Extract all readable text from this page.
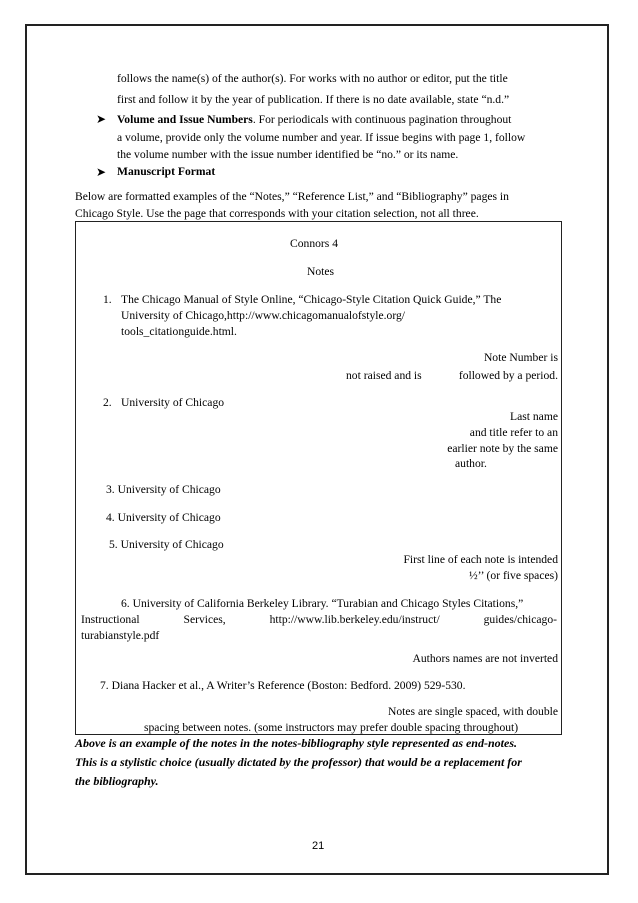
follows the name(s) of the author(s). For works with no author or editor, put the title
first and follow it by the year of publication. If there is no date available, state “n.d.”
➤ Volume and Issue Numbers. For periodicals with continuous pagination throughout
a volume, provide only the volume number and year. If issue begins with page 1, follow
the volume number with the issue number identified be “no.” or its name.
➤ Manuscript Format
Below are formatted examples of the “Notes,” “Reference List,” and “Bibliography” pages in
Chicago Style. Use the page that corresponds with your citation selection, not all three.
Connors 4
Notes
1. The Chicago Manual of Style Online, “Chicago-Style Citation Quick Guide,” The
University of Chicago,http://www.chicagomanualofstyle.org/
tools_citationguide.html.
Note Number is
not raised and is	followed by a period.
2. University of Chicago
Last name
and title refer to an
earlier note by the same
author.
3. University of Chicago
4. University of Chicago
5. University of Chicago
First line of each note is intended
½’’ (or five spaces)
6. University of California Berkeley Library. “Turabian and Chicago Styles Citations,”
Instructional	Services,	http://www.lib.berkeley.edu/instruct/	guides/chicago-
turabianstyle.pdf
Authors names are not inverted
7. Diana Hacker et al., A Writer’s Reference (Boston: Bedford. 2009) 529-530.
Notes are single spaced, with double
spacing between notes. (some instructors may prefer double spacing throughout)
Above is an example of the notes in the notes-bibliography style represented as end-notes.
This is a stylistic choice (usually dictated by the professor) that would be a replacement for
the bibliography.
21
